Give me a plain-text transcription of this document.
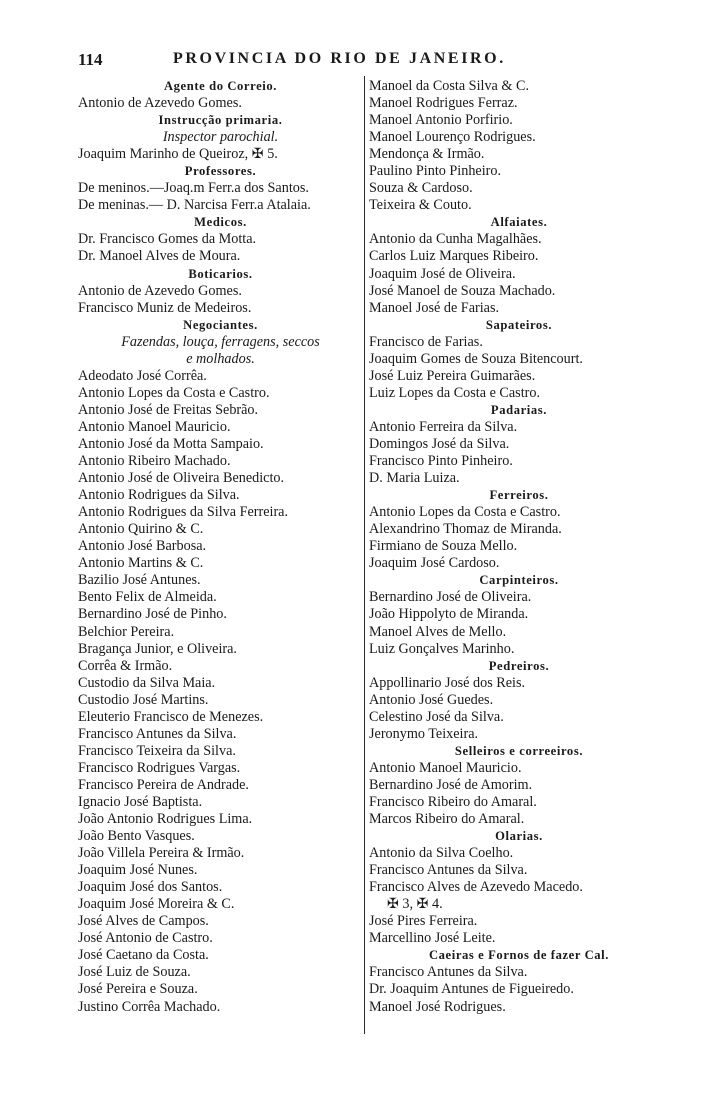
114	PROVINCIA DO RIO DE JANEIRO.
Agente do Correio.
Antonio de Azevedo Gomes.
Instrucção primaria.
Inspector parochial.
Joaquim Marinho de Queiroz, ✠ 5.
Professores.
De meninos.—Joaq.m Ferr.a dos Santos.
De meninas.— D. Narcisa Ferr.a Atalaia.
Medicos.
Dr. Francisco Gomes da Motta.
Dr. Manoel Alves de Moura.
Boticarios.
Antonio de Azevedo Gomes.
Francisco Muniz de Medeiros.
Negociantes.
Fazendas, louça, ferragens, seccos
e molhados.
Adeodato José Corrêa.
Antonio Lopes da Costa e Castro.
Antonio José de Freitas Sebrão.
Antonio Manoel Mauricio.
Antonio José da Motta Sampaio.
Antonio Ribeiro Machado.
Antonio José de Oliveira Benedicto.
Antonio Rodrigues da Silva.
Antonio Rodrigues da Silva Ferreira.
Antonio Quirino & C.
Antonio José Barbosa.
Antonio Martins & C.
Bazilio José Antunes.
Bento Felix de Almeida.
Bernardino José de Pinho.
Belchior Pereira.
Bragança Junior, e Oliveira.
Corrêa & Irmão.
Custodio da Silva Maia.
Custodio José Martins.
Eleuterio Francisco de Menezes.
Francisco Antunes da Silva.
Francisco Teixeira da Silva.
Francisco Rodrigues Vargas.
Francisco Pereira de Andrade.
Ignacio José Baptista.
João Antonio Rodrigues Lima.
João Bento Vasques.
João Villela Pereira & Irmão.
Joaquim José Nunes.
Joaquim José dos Santos.
Joaquim José Moreira & C.
José Alves de Campos.
José Antonio de Castro.
José Caetano da Costa.
José Luiz de Souza.
José Pereira e Souza.
Justino Corrêa Machado.
Manoel da Costa Silva & C.
Manoel Rodrigues Ferraz.
Manoel Antonio Porfirio.
Manoel Lourenço Rodrigues.
Mendonça & Irmão.
Paulino Pinto Pinheiro.
Souza & Cardoso.
Teixeira & Couto.
Alfaiates.
Antonio da Cunha Magalhães.
Carlos Luiz Marques Ribeiro.
Joaquim José de Oliveira.
José Manoel de Souza Machado.
Manoel José de Farias.
Sapateiros.
Francisco de Farias.
Joaquim Gomes de Souza Bitencourt.
José Luiz Pereira Guimarães.
Luiz Lopes da Costa e Castro.
Padarias.
Antonio Ferreira da Silva.
Domingos José da Silva.
Francisco Pinto Pinheiro.
D. Maria Luiza.
Ferreiros.
Antonio Lopes da Costa e Castro.
Alexandrino Thomaz de Miranda.
Firmiano de Souza Mello.
Joaquim José Cardoso.
Carpinteiros.
Bernardino José de Oliveira.
João Hippolyto de Miranda.
Manoel Alves de Mello.
Luiz Gonçalves Marinho.
Pedreiros.
Appollinario José dos Reis.
Antonio José Guedes.
Celestino José da Silva.
Jeronymo Teixeira.
Selleiros e correeiros.
Antonio Manoel Mauricio.
Bernardino José de Amorim.
Francisco Ribeiro do Amaral.
Marcos Ribeiro do Amaral.
Olarias.
Antonio da Silva Coelho.
Francisco Antunes da Silva.
Francisco Alves de Azevedo Macedo.
✠ 3, ✠ 4.
José Pires Ferreira.
Marcellino José Leite.
Caeiras e Fornos de fazer Cal.
Francisco Antunes da Silva.
Dr. Joaquim Antunes de Figueiredo.
Manoel José Rodrigues.
